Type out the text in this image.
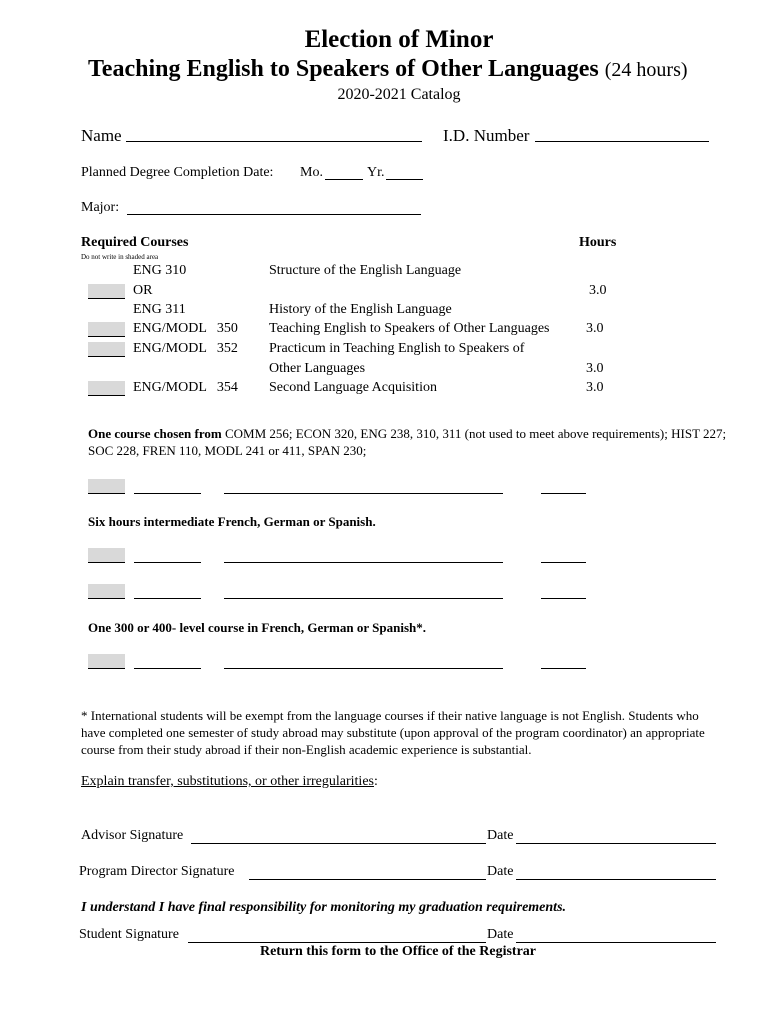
Election of Minor
Teaching English to Speakers of Other Languages (24 hours)
2020-2021 Catalog
Name	I.D. Number
Planned Degree Completion Date: Mo.	Yr.
Major:
Required Courses	Hours
Do not write in shaded area
ENG 310	Structure of the English Language
OR	3.0
ENG 311	History of the English Language
ENG/MODL   350 Teaching English to Speakers of Other Languages	3.0
ENG/MODL   352 Practicum in Teaching English to Speakers of
Other Languages	3.0
ENG/MODL   354 Second Language Acquisition	3.0
One course chosen from COMM 256; ECON 320, ENG 238, 310, 311 (not used to meet above requirements); HIST 227; SOC 228, FREN 110, MODL 241 or 411, SPAN 230;
Six hours intermediate French, German or Spanish.
One 300 or 400- level course in French, German or Spanish*.
* International students will be exempt from the language courses if their native language is not English. Students who have completed one semester of study abroad may substitute (upon approval of the program coordinator) an appropriate course from their study abroad if their non-English academic experience is substantial.
Explain transfer, substitutions, or other irregularities:
Advisor Signature	Date
Program Director Signature	Date
I understand I have final responsibility for monitoring my graduation requirements.
Student Signature	Date
Return this form to the Office of the Registrar
